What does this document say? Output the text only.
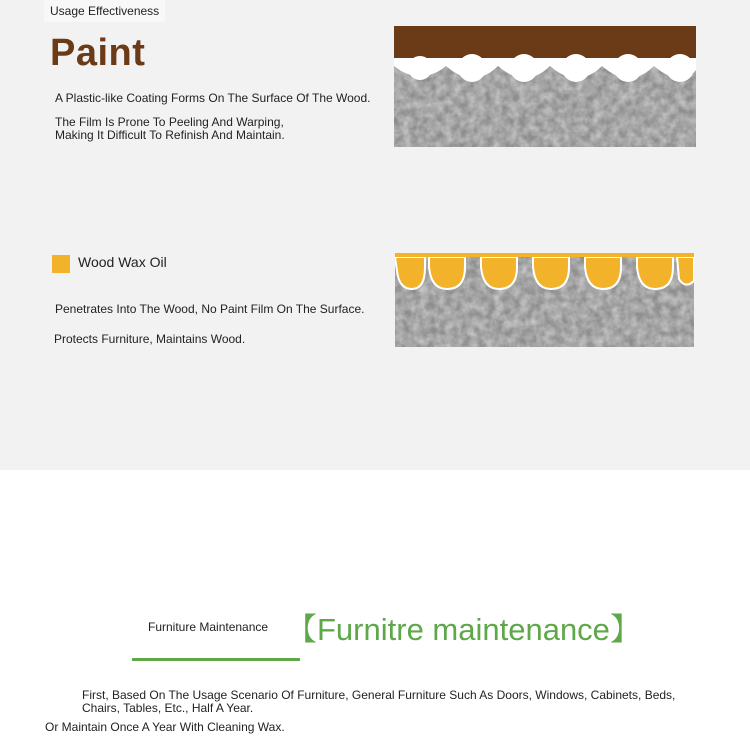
Usage Effectiveness
Paint
A Plastic-like Coating Forms On The Surface Of The Wood.
The Film Is Prone To Peeling And Warping,
Making It Difficult To Refinish And Maintain.
Wood Wax Oil
Penetrates Into The Wood, No Paint Film On The Surface.
Protects Furniture, Maintains Wood.
Furniture Maintenance 【Furnitre maintenance】
First, Based On The Usage Scenario Of Furniture, General Furniture Such As Doors, Windows, Cabinets, Beds,
Chairs, Tables, Etc., Half A Year.
Or Maintain Once A Year With Cleaning Wax.
